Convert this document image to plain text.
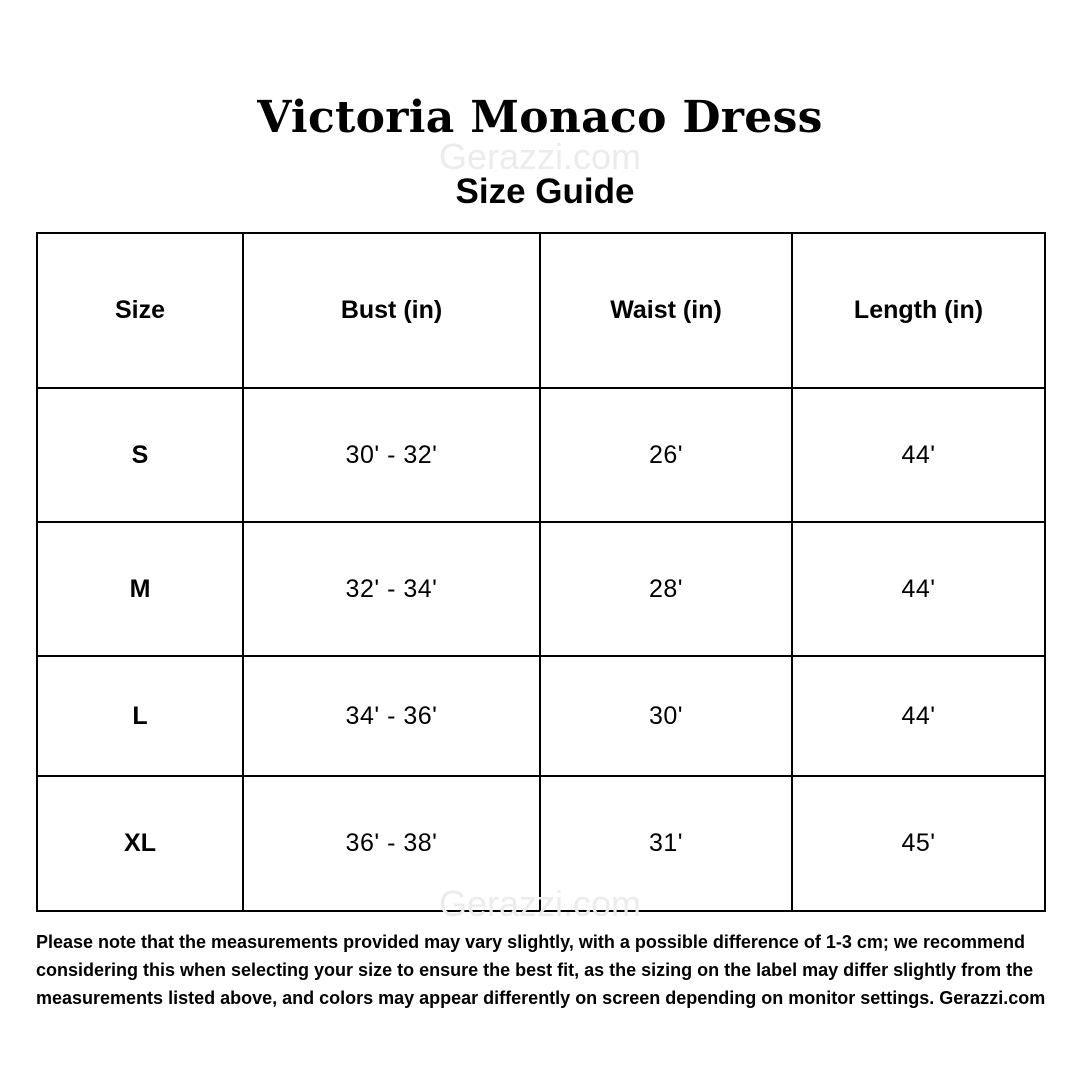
Victoria Monaco Dress
Gerazzi.com
Size Guide
Size	Bust (in)	Waist (in)	Length (in)
S	30' - 32'	26'	44'
M	32' - 34'	28'	44'
L	34' - 36'	30'	44'
XL	36' - 38'	31'	45'
Gerazzi.com
Please note that the measurements provided may vary slightly, with a possible difference of 1-3 cm; we recommend considering this when selecting your size to ensure the best fit, as the sizing on the label may differ slightly from the measurements listed above, and colors may appear differently on screen depending on monitor settings. Gerazzi.com
